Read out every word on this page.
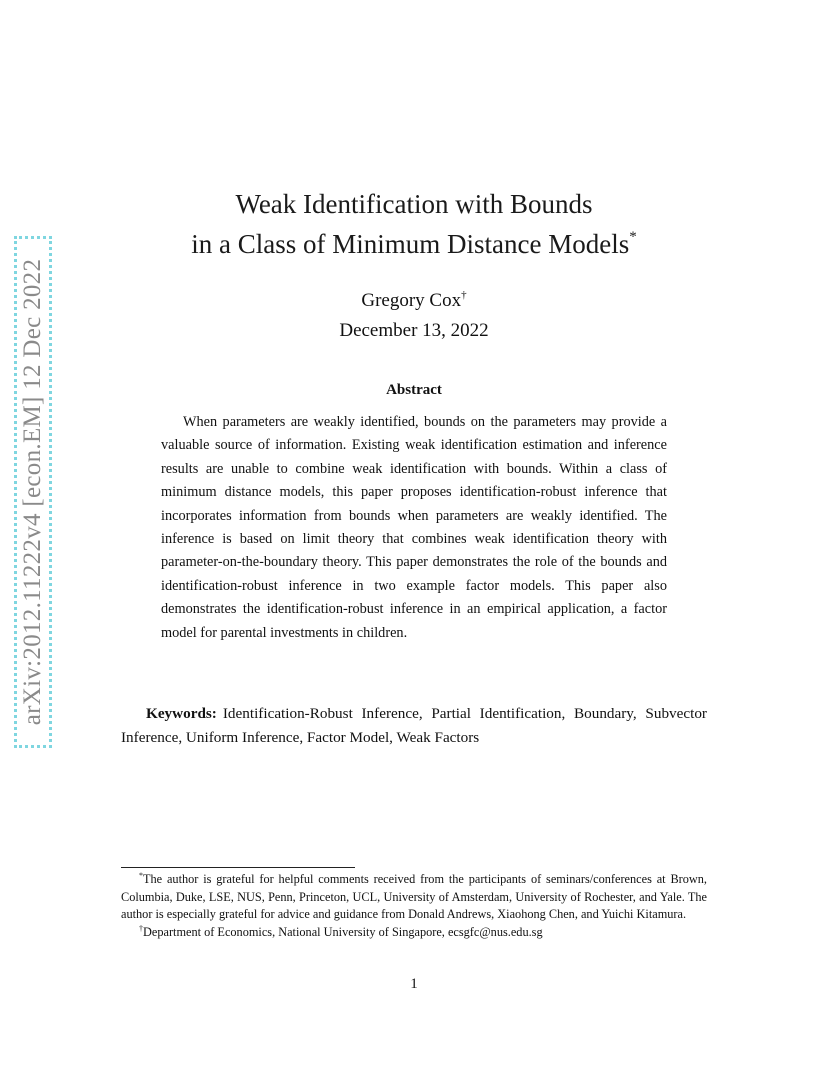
arXiv:2012.11222v4 [econ.EM] 12 Dec 2022
Weak Identification with Bounds
in a Class of Minimum Distance Models*
Gregory Cox†
December 13, 2022
Abstract
When parameters are weakly identified, bounds on the parameters may provide a valuable source of information. Existing weak identification estimation and inference results are unable to combine weak identification with bounds. Within a class of minimum distance models, this paper proposes identification-robust inference that incorporates information from bounds when parameters are weakly identified. The inference is based on limit theory that combines weak identification theory with parameter-on-the-boundary theory. This paper demonstrates the role of the bounds and identification-robust inference in two example factor models. This paper also demonstrates the identification-robust inference in an empirical application, a factor model for parental investments in children.
Keywords: Identification-Robust Inference, Partial Identification, Boundary, Subvector Inference, Uniform Inference, Factor Model, Weak Factors

*The author is grateful for helpful comments received from the participants of seminars/conferences at Brown, Columbia, Duke, LSE, NUS, Penn, Princeton, UCL, University of Amsterdam, University of Rochester, and Yale. The author is especially grateful for advice and guidance from Donald Andrews, Xiaohong Chen, and Yuichi Kitamura.

†Department of Economics, National University of Singapore, ecsgfc@nus.edu.sg

1
